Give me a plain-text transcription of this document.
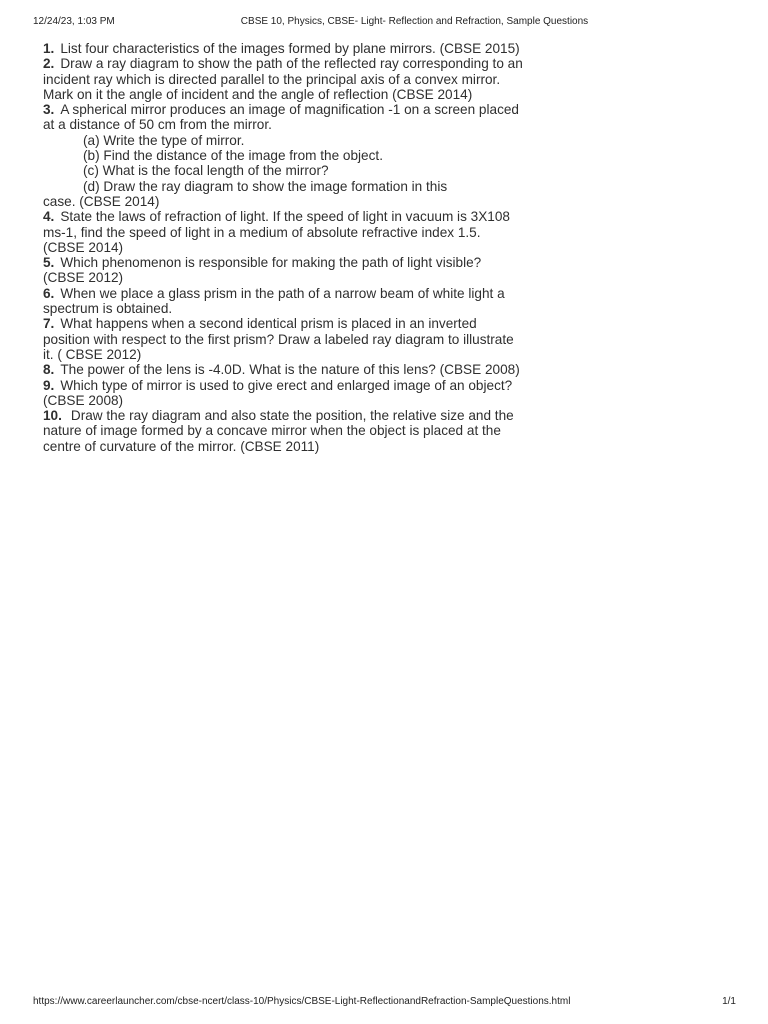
12/24/23, 1:03 PM	CBSE 10, Physics, CBSE- Light- Reflection and Refraction, Sample Questions

1. List four characteristics of the images formed by plane mirrors. (CBSE 2015)

2. Draw a ray diagram to show the path of the reflected ray corresponding to an incident ray which is directed parallel to the principal axis of a convex mirror. Mark on it the angle of incident and the angle of reflection (CBSE 2014)

3. A spherical mirror produces an image of magnification -1 on a screen placed at a distance of 50 cm from the mirror.

(a) Write the type of mirror.

(b) Find the distance of the image from the object.

(c) What is the focal length of the mirror?

(d) Draw the ray diagram to show the image formation in this

case. (CBSE 2014)

4. State the laws of refraction of light. If the speed of light in vacuum is 3X108 ms-1, find the speed of light in a medium of absolute refractive index 1.5. (CBSE 2014)

5. Which phenomenon is responsible for making the path of light visible? (CBSE 2012)

6. When we place a glass prism in the path of a narrow beam of white light a spectrum is obtained.

7. What happens when a second identical prism is placed in an inverted position with respect to the first prism? Draw a labeled ray diagram to illustrate it. ( CBSE 2012)

8. The power of the lens is -4.0D. What is the nature of this lens? (CBSE 2008)

9. Which type of mirror is used to give erect and enlarged image of an object? (CBSE 2008)

10. Draw the ray diagram and also state the position, the relative size and the nature of image formed by a concave mirror when the object is placed at the centre of curvature of the mirror. (CBSE 2011)

https://www.careerlauncher.com/cbse-ncert/class-10/Physics/CBSE-Light-ReflectionandRefraction-SampleQuestions.html	1/1
